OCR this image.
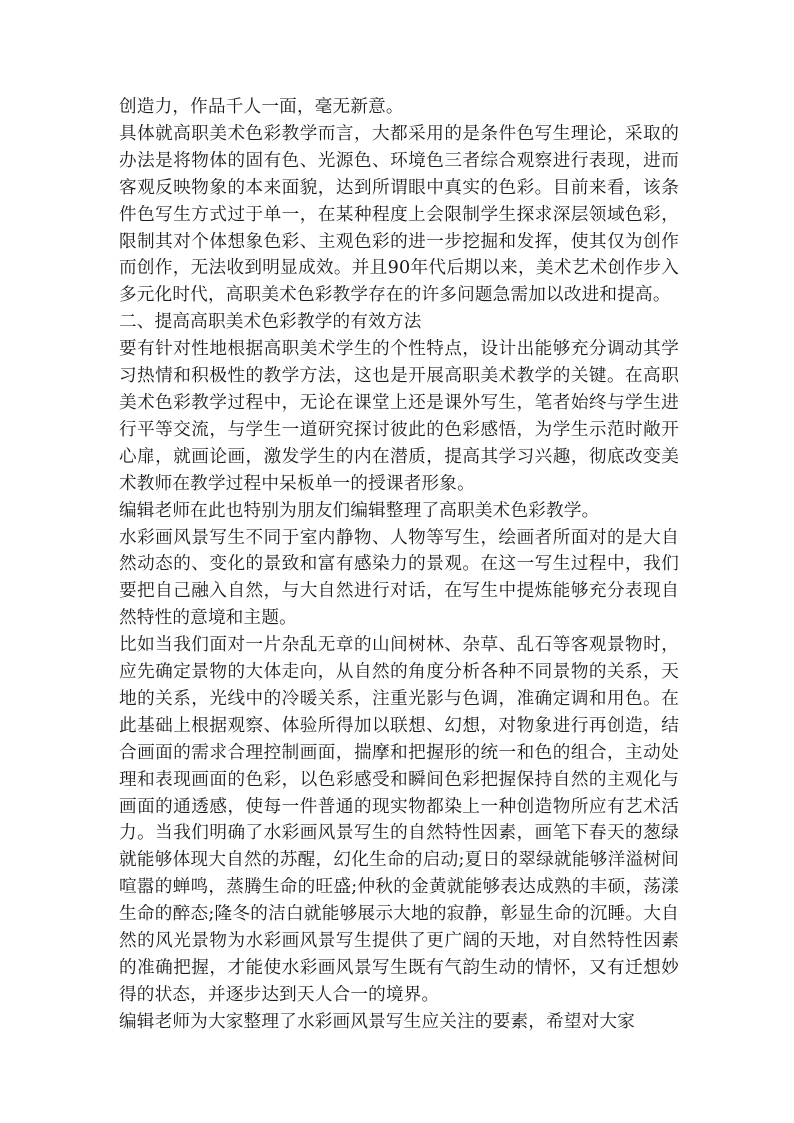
创造力，作品千人一面，毫无新意。

具体就高职美术色彩教学而言，大都采用的是条件色写生理论，采取的办法是将物体的固有色、光源色、环境色三者综合观察进行表现，进而客观反映物象的本来面貌，达到所谓眼中真实的色彩。目前来看，该条件色写生方式过于单一，在某种程度上会限制学生探求深层领域色彩，限制其对个体想象色彩、主观色彩的进一步挖掘和发挥，使其仅为创作而创作，无法收到明显成效。并且90年代后期以来，美术艺术创作步入多元化时代，高职美术色彩教学存在的许多问题急需加以改进和提高。

二、提高高职美术色彩教学的有效方法

要有针对性地根据高职美术学生的个性特点，设计出能够充分调动其学习热情和积极性的教学方法，这也是开展高职美术教学的关键。在高职美术色彩教学过程中，无论在课堂上还是课外写生，笔者始终与学生进行平等交流，与学生一道研究探讨彼此的色彩感悟，为学生示范时敞开心扉，就画论画，激发学生的内在潜质，提高其学习兴趣，彻底改变美术教师在教学过程中呆板单一的授课者形象。

编辑老师在此也特别为朋友们编辑整理了高职美术色彩教学。

水彩画风景写生不同于室内静物、人物等写生，绘画者所面对的是大自然动态的、变化的景致和富有感染力的景观。在这一写生过程中，我们要把自己融入自然，与大自然进行对话，在写生中提炼能够充分表现自然特性的意境和主题。

比如当我们面对一片杂乱无章的山间树林、杂草、乱石等客观景物时，应先确定景物的大体走向，从自然的角度分析各种不同景物的关系，天地的关系，光线中的冷暖关系，注重光影与色调，准确定调和用色。在此基础上根据观察、体验所得加以联想、幻想，对物象进行再创造，结合画面的需求合理控制画面，揣摩和把握形的统一和色的组合，主动处理和表现画面的色彩，以色彩感受和瞬间色彩把握保持自然的主观化与画面的通透感，使每一件普通的现实物都染上一种创造物所应有艺术活力。当我们明确了水彩画风景写生的自然特性因素，画笔下春天的葱绿就能够体现大自然的苏醒，幻化生命的启动;夏日的翠绿就能够洋溢树间喧嚣的蝉鸣，蒸腾生命的旺盛;仲秋的金黄就能够表达成熟的丰硕，荡漾生命的醉态;隆冬的洁白就能够展示大地的寂静，彰显生命的沉睡。大自然的风光景物为水彩画风景写生提供了更广阔的天地，对自然特性因素的准确把握，才能使水彩画风景写生既有气韵生动的情怀，又有迁想妙得的状态，并逐步达到天人合一的境界。

编辑老师为大家整理了水彩画风景写生应关注的要素，希望对大家
